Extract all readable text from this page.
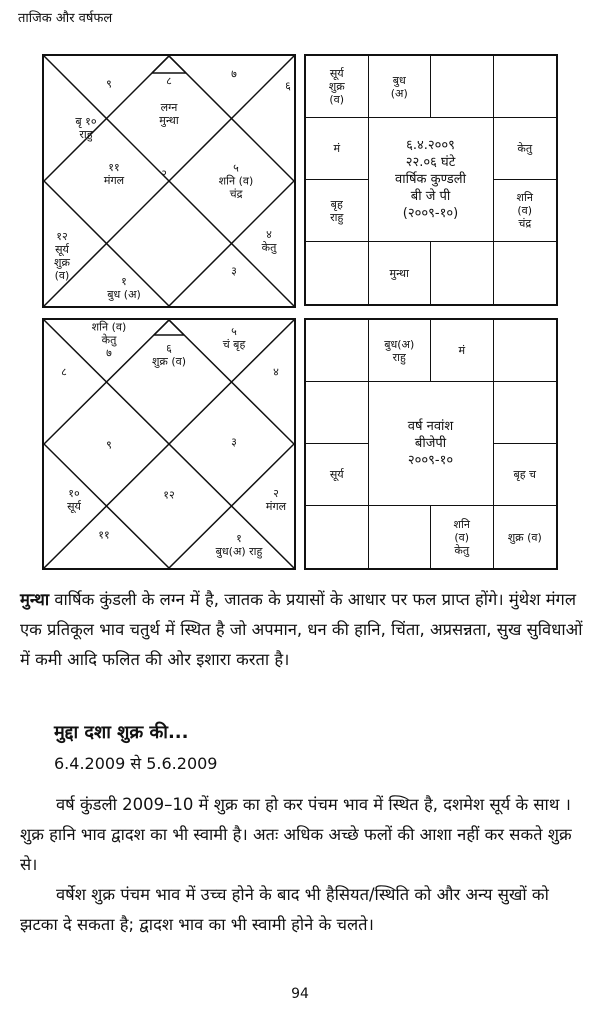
ताजिक और वर्षफल
८
लग्न
मुन्था
९
७
६
बृ १०
राहु
११
मंगल
५
शनि (व)
चंद्र
२
१२
सूर्य
शुक्र
(व)
४
केतु
१
बुध (अ)
३
सूर्य
शुक्र
(व)
बुध
(अ)
मं	केतु
बृह
राहु
शनि
(व)
चंद्र
मुन्था
६.४.२००९
२२.०६ घंटे
वार्षिक कुण्डली
बी जे पी
(२००९-१०)
शनि (व)
केतु
७
५
चं बृह
६
शुक्र (व)
८	४
९	३
१०
सूर्य
१२	२
मंगल
११	१
बुध(अ) राहु
बुध(अ)
राहु	मं
सूर्य	बृह च
शनि
(व)
केतु
शुक्र (व)
वर्ष नवांश
बीजेपी
२००९-१०
मुन्था वार्षिक कुंडली के लग्न में है, जातक के प्रयासों के आधार पर फल प्राप्त होंगे। मुंथेश मंगल एक प्रतिकूल भाव चतुर्थ में स्थित है जो अपमान, धन की हानि, चिंता, अप्रसन्नता, सुख सुविधाओं में कमी आदि फलित की ओर इशारा करता है।
मुद्दा दशा शुक्र की...
6.4.2009 से 5.6.2009
वर्ष कुंडली 2009–10 में शुक्र का हो कर पंचम भाव में स्थित है, दशमेश सूर्य के साथ । शुक्र हानि भाव द्वादश का भी स्वामी है। अतः अधिक अच्छे फलों की आशा नहीं कर सकते शुक्र से।
वर्षेश शुक्र पंचम भाव में उच्च होने के बाद भी हैसियत/स्थिति को और अन्य सुखों को झटका दे सकता है; द्वादश भाव का भी स्वामी होने के चलते।
94
